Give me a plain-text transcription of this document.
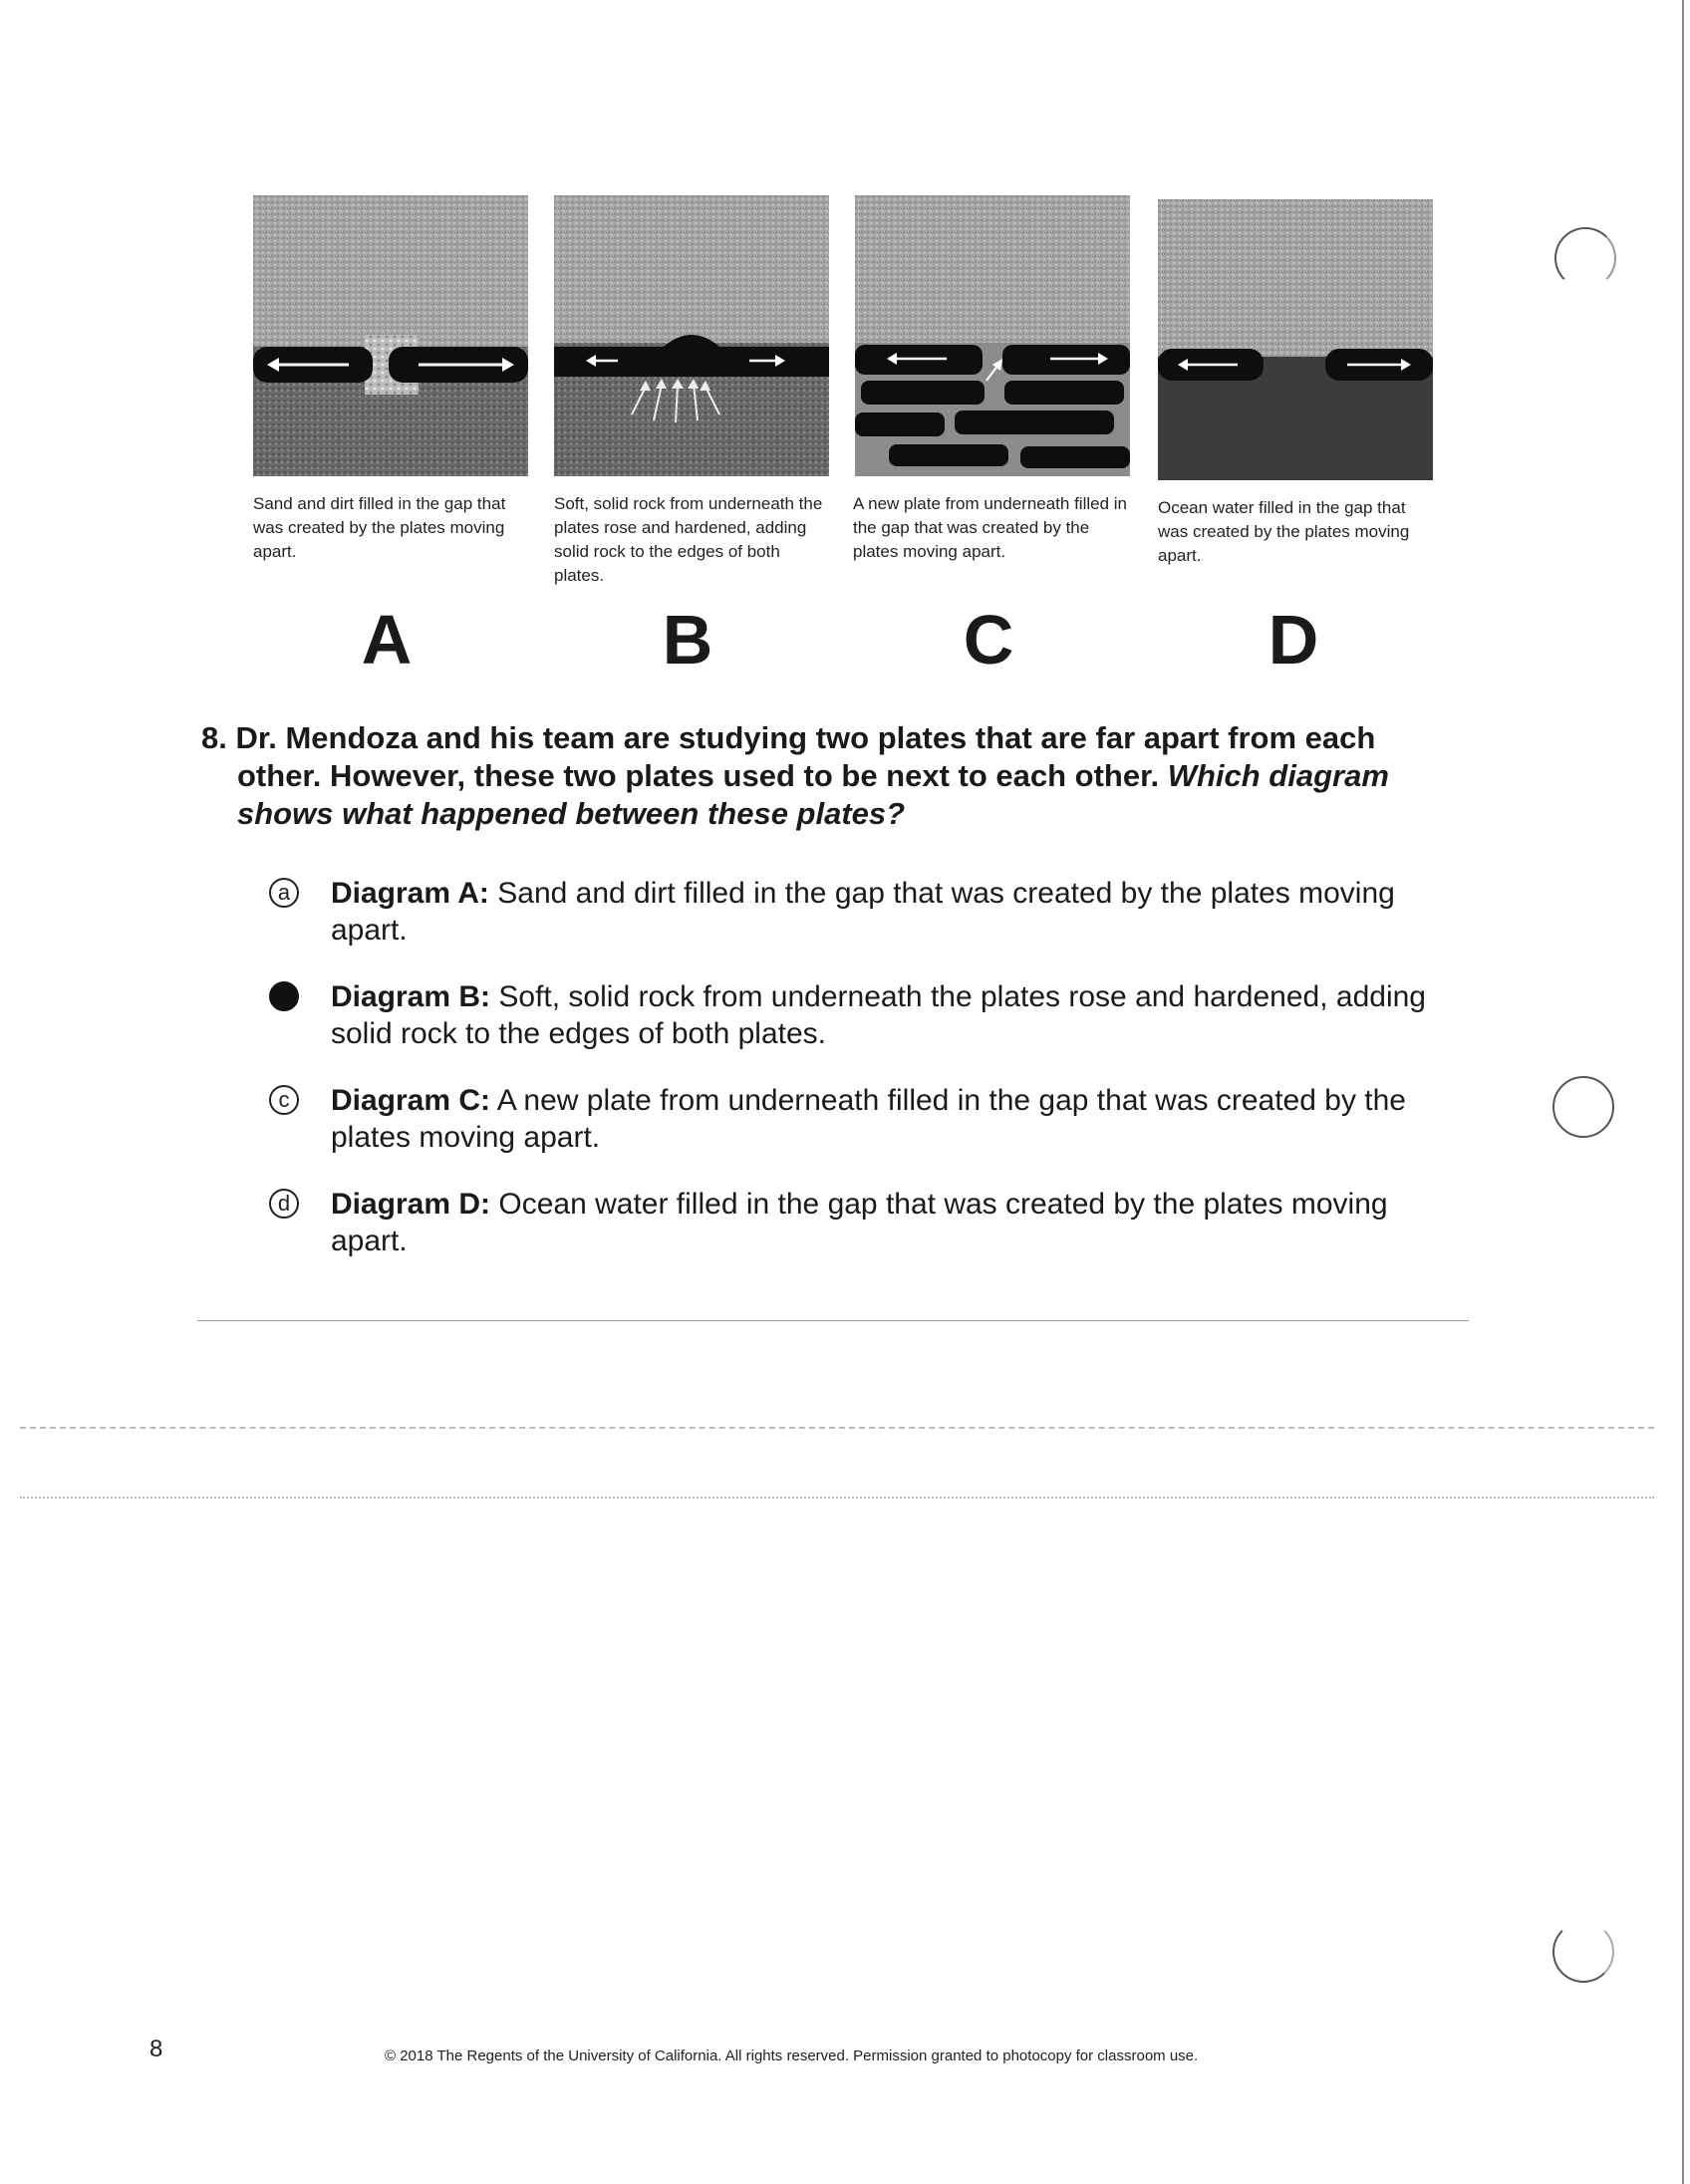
Sand and dirt filled in the gap that was created by the plates moving apart.
Soft, solid rock from underneath the plates rose and hardened, adding solid rock to the edges of both plates.
A new plate from underneath filled in the gap that was created by the plates moving apart.
Ocean water filled in the gap that was created by the plates moving apart.
A	B	C	D
8. Dr. Mendoza and his team are studying two plates that are far apart from each other. However, these two plates used to be next to each other. Which diagram shows what happened between these plates?
a Diagram A: Sand and dirt filled in the gap that was created by the plates moving apart.
Diagram B: Soft, solid rock from underneath the plates rose and hardened, adding solid rock to the edges of both plates.
c	Diagram C: A new plate from underneath filled in the gap that was created by the plates moving apart.
d Diagram D: Ocean water filled in the gap that was created by the plates moving apart.
8	© 2018 The Regents of the University of California. All rights reserved. Permission granted to photocopy for classroom use.
